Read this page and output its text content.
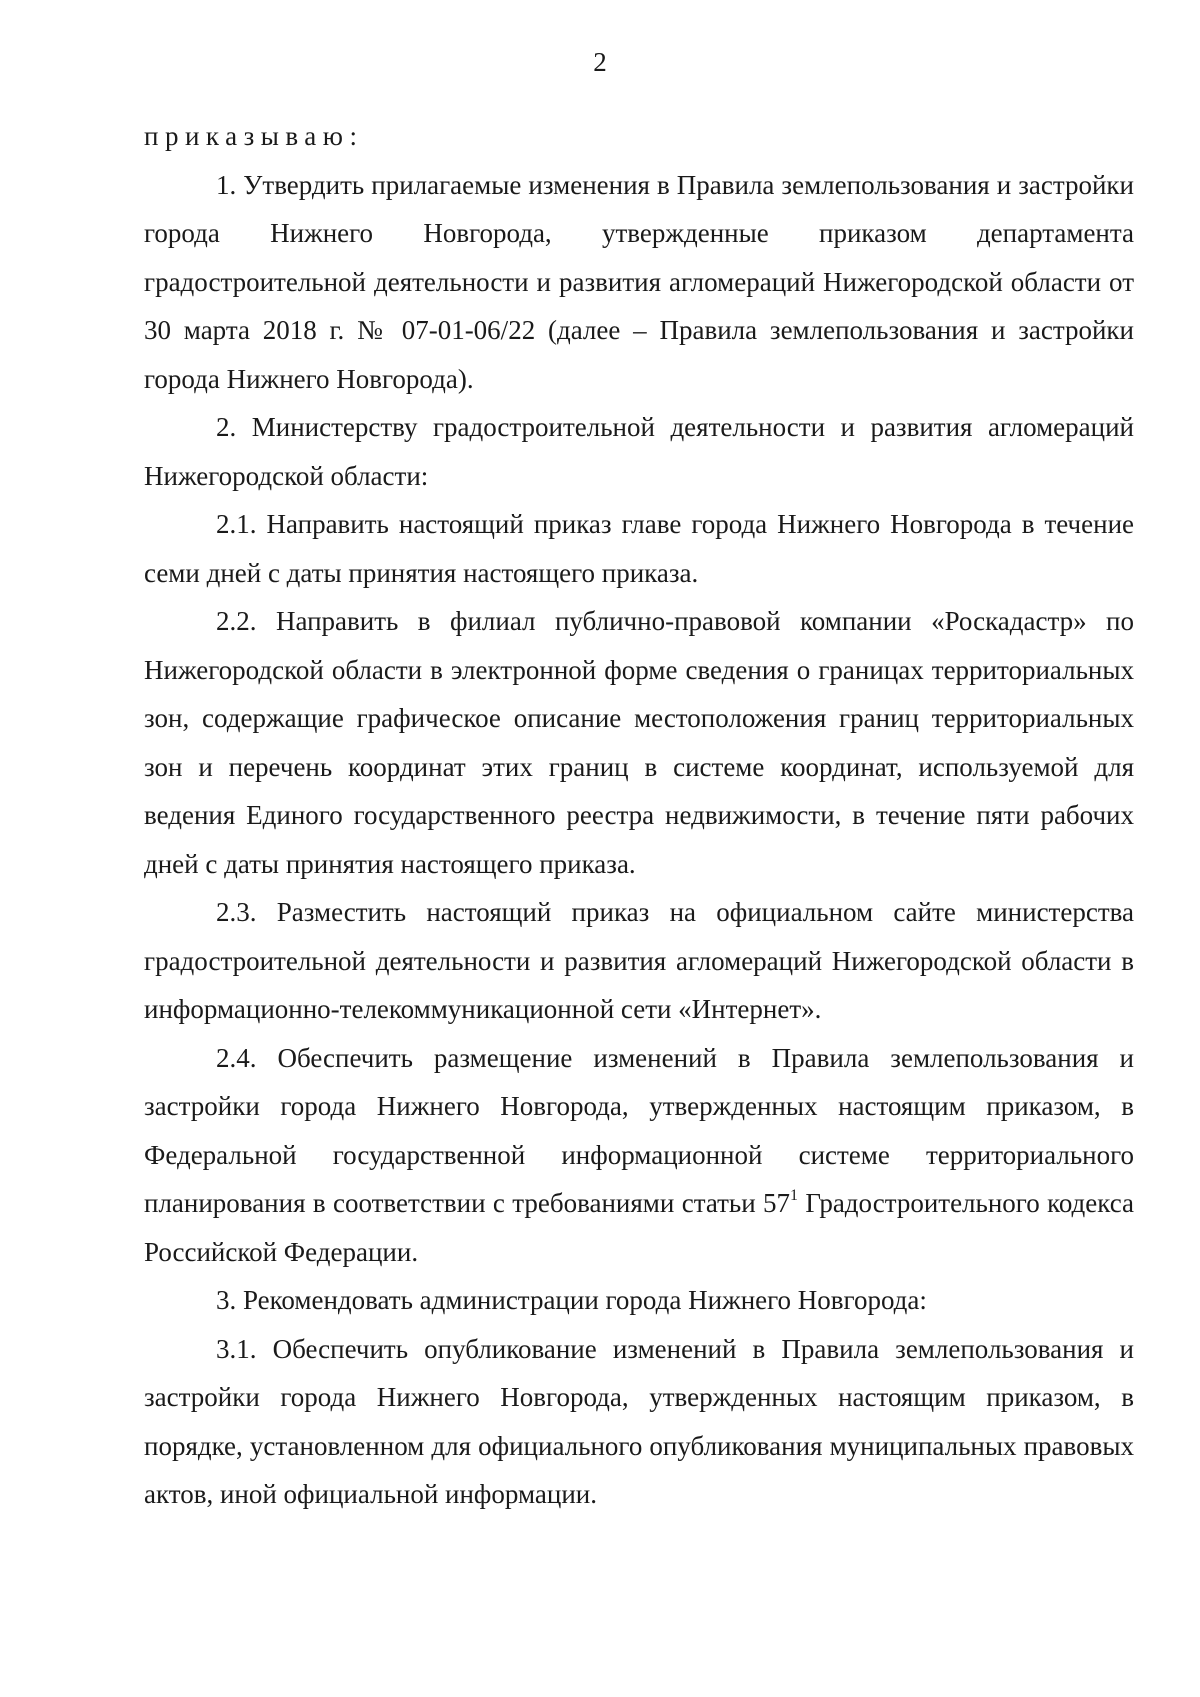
2

приказываю:

1. Утвердить прилагаемые изменения в Правила землепользования и застройки города Нижнего Новгорода, утвержденные приказом департамента градостроительной деятельности и развития агломераций Нижегородской области от 30 марта 2018 г. № 07-01-06/22 (далее – Правила землепользования и застройки города Нижнего Новгорода).

2. Министерству градостроительной деятельности и развития агломераций Нижегородской области:

2.1. Направить настоящий приказ главе города Нижнего Новгорода в течение семи дней с даты принятия настоящего приказа.

2.2. Направить в филиал публично-правовой компании «Роскадастр» по Нижегородской области в электронной форме сведения о границах территориальных зон, содержащие графическое описание местоположения границ территориальных зон и перечень координат этих границ в системе координат, используемой для ведения Единого государственного реестра недвижимости, в течение пяти рабочих дней с даты принятия настоящего приказа.

2.3. Разместить настоящий приказ на официальном сайте министерства градостроительной деятельности и развития агломераций Нижегородской области в информационно-телекоммуникационной сети «Интернет».

2.4. Обеспечить размещение изменений в Правила землепользования и застройки города Нижнего Новгорода, утвержденных настоящим приказом, в Федеральной государственной информационной системе территориального планирования в соответствии с требованиями статьи $57^1$ Градостроительного кодекса Российской Федерации.

3. Рекомендовать администрации города Нижнего Новгорода:

3.1. Обеспечить опубликование изменений в Правила землепользования и застройки города Нижнего Новгорода, утвержденных настоящим приказом, в порядке, установленном для официального опубликования муниципальных правовых актов, иной официальной информации.
